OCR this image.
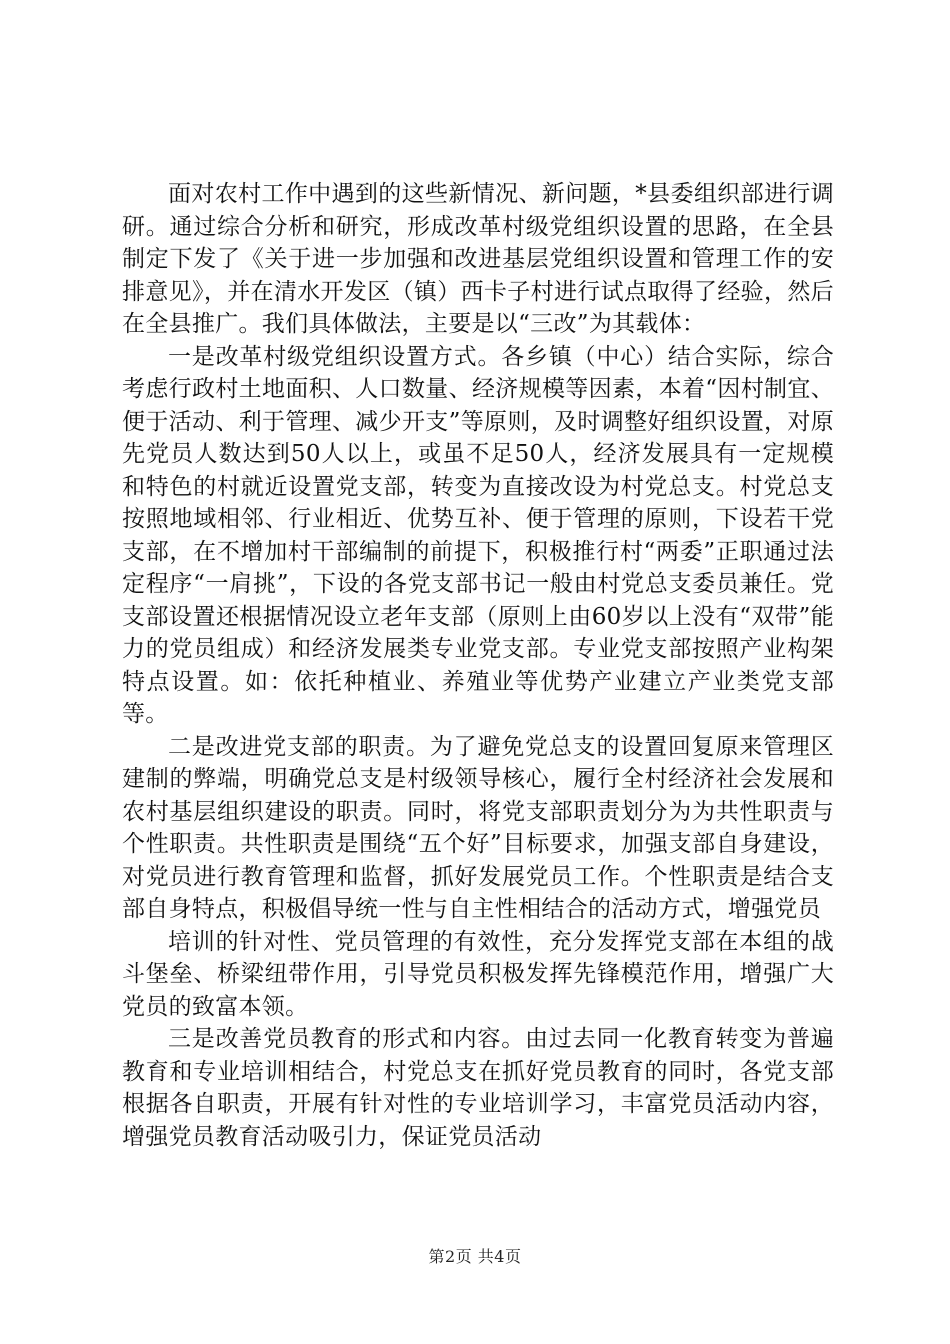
面对农村工作中遇到的这些新情况、新问题，*县委组织部进行调研。通过综合分析和研究，形成改革村级党组织设置的思路，在全县制定下发了《关于进一步加强和改进基层党组织设置和管理工作的安排意见》，并在清水开发区（镇）西卡子村进行试点取得了经验，然后在全县推广。我们具体做法，主要是以“三改”为其载体：

一是改革村级党组织设置方式。各乡镇（中心）结合实际，综合考虑行政村土地面积、人口数量、经济规模等因素，本着“因村制宜、便于活动、利于管理、减少开支”等原则，及时调整好组织设置，对原先党员人数达到50人以上，或虽不足50人，经济发展具有一定规模和特色的村就近设置党支部，转变为直接改设为村党总支。村党总支按照地域相邻、行业相近、优势互补、便于管理的原则，下设若干党支部，在不增加村干部编制的前提下，积极推行村“两委”正职通过法定程序“一肩挑”，下设的各党支部书记一般由村党总支委员兼任。党支部设置还根据情况设立老年支部（原则上由60岁以上没有“双带”能力的党员组成）和经济发展类专业党支部。专业党支部按照产业构架特点设置。如：依托种植业、养殖业等优势产业建立产业类党支部等。

二是改进党支部的职责。为了避免党总支的设置回复原来管理区建制的弊端，明确党总支是村级领导核心，履行全村经济社会发展和农村基层组织建设的职责。同时，将党支部职责划分为为共性职责与个性职责。共性职责是围绕“五个好”目标要求，加强支部自身建设，对党员进行教育管理和监督，抓好发展党员工作。个性职责是结合支部自身特点，积极倡导统一性与自主性相结合的活动方式，增强党员

培训的针对性、党员管理的有效性，充分发挥党支部在本组的战斗堡垒、桥梁纽带作用，引导党员积极发挥先锋模范作用，增强广大党员的致富本领。

三是改善党员教育的形式和内容。由过去同一化教育转变为普遍教育和专业培训相结合，村党总支在抓好党员教育的同时，各党支部根据各自职责，开展有针对性的专业培训学习，丰富党员活动内容，增强党员教育活动吸引力，保证党员活动

第2页 共4页
